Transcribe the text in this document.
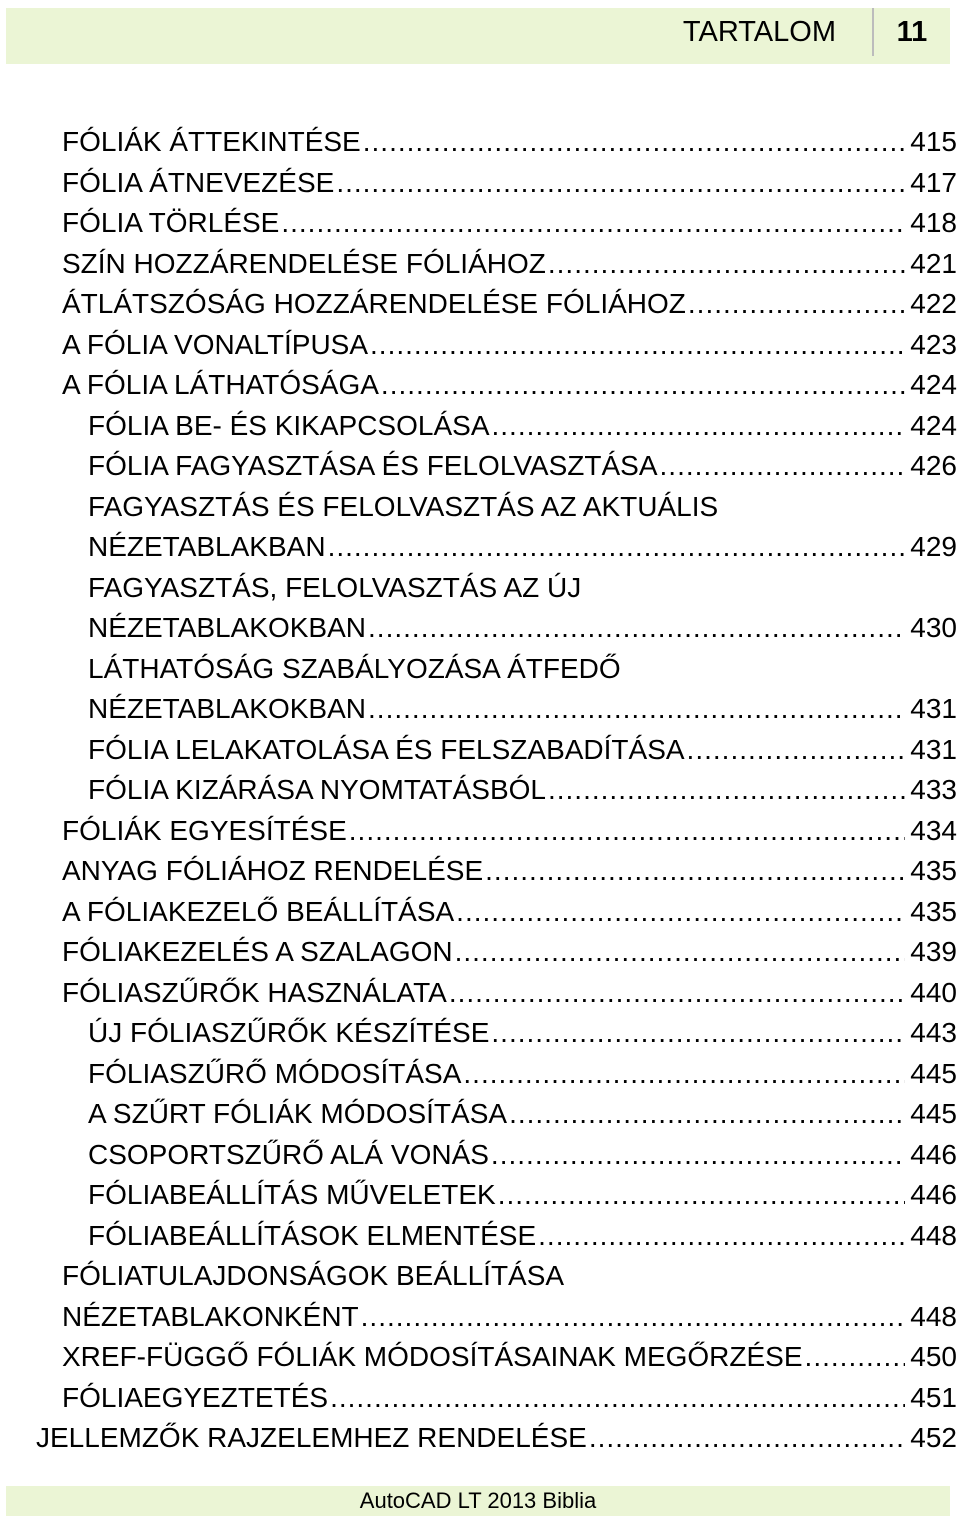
TARTALOM	11
FÓLIÁK ÁTTEKINTÉSE .....	415
FÓLIA ÁTNEVEZÉSE .....	417
FÓLIA TÖRLÉSE .....	418
SZÍN HOZZÁRENDELÉSE FÓLIÁHOZ .....	421
ÁTLÁTSZÓSÁG HOZZÁRENDELÉSE FÓLIÁHOZ .....	422
A FÓLIA VONALTÍPUSA .....	423
A FÓLIA LÁTHATÓSÁGA .....	424
FÓLIA BE- ÉS KIKAPCSOLÁSA .....	424
FÓLIA FAGYASZTÁSA ÉS FELOLVASZTÁSA .....	426
FAGYASZTÁS ÉS FELOLVASZTÁS AZ AKTUÁLIS
NÉZETABLAKBAN .....	429
FAGYASZTÁS, FELOLVASZTÁS AZ ÚJ
NÉZETABLAKOKBAN .....	430
LÁTHATÓSÁG SZABÁLYOZÁSA ÁTFEDŐ
NÉZETABLAKOKBAN .....	431
FÓLIA LELAKATOLÁSA ÉS FELSZABADÍTÁSA .....	431
FÓLIA KIZÁRÁSA NYOMTATÁSBÓL .....	433
FÓLIÁK EGYESÍTÉSE .....	434
ANYAG FÓLIÁHOZ RENDELÉSE .....	435
A FÓLIAKEZELŐ BEÁLLÍTÁSA .....	435
FÓLIAKEZELÉS A SZALAGON .....	439
FÓLIASZŰRŐK HASZNÁLATA .....	440
ÚJ FÓLIASZŰRŐK KÉSZÍTÉSE .....	443
FÓLIASZŰRŐ MÓDOSÍTÁSA .....	445
A SZŰRT FÓLIÁK MÓDOSÍTÁSA .....	445
CSOPORTSZŰRŐ ALÁ VONÁS .....	446
FÓLIABEÁLLÍTÁS MŰVELETEK .....	446
FÓLIABEÁLLÍTÁSOK ELMENTÉSE .....	448
FÓLIATULAJDONSÁGOK BEÁLLÍTÁSA
NÉZETABLAKONKÉNT .....	448
XREF-FÜGGŐ FÓLIÁK MÓDOSÍTÁSAINAK MEGŐRZÉSE .....	450
FÓLIAEGYEZTETÉS .....	451
JELLEMZŐK RAJZELEMHEZ RENDELÉSE .....	452
AutoCAD LT 2013 Biblia
